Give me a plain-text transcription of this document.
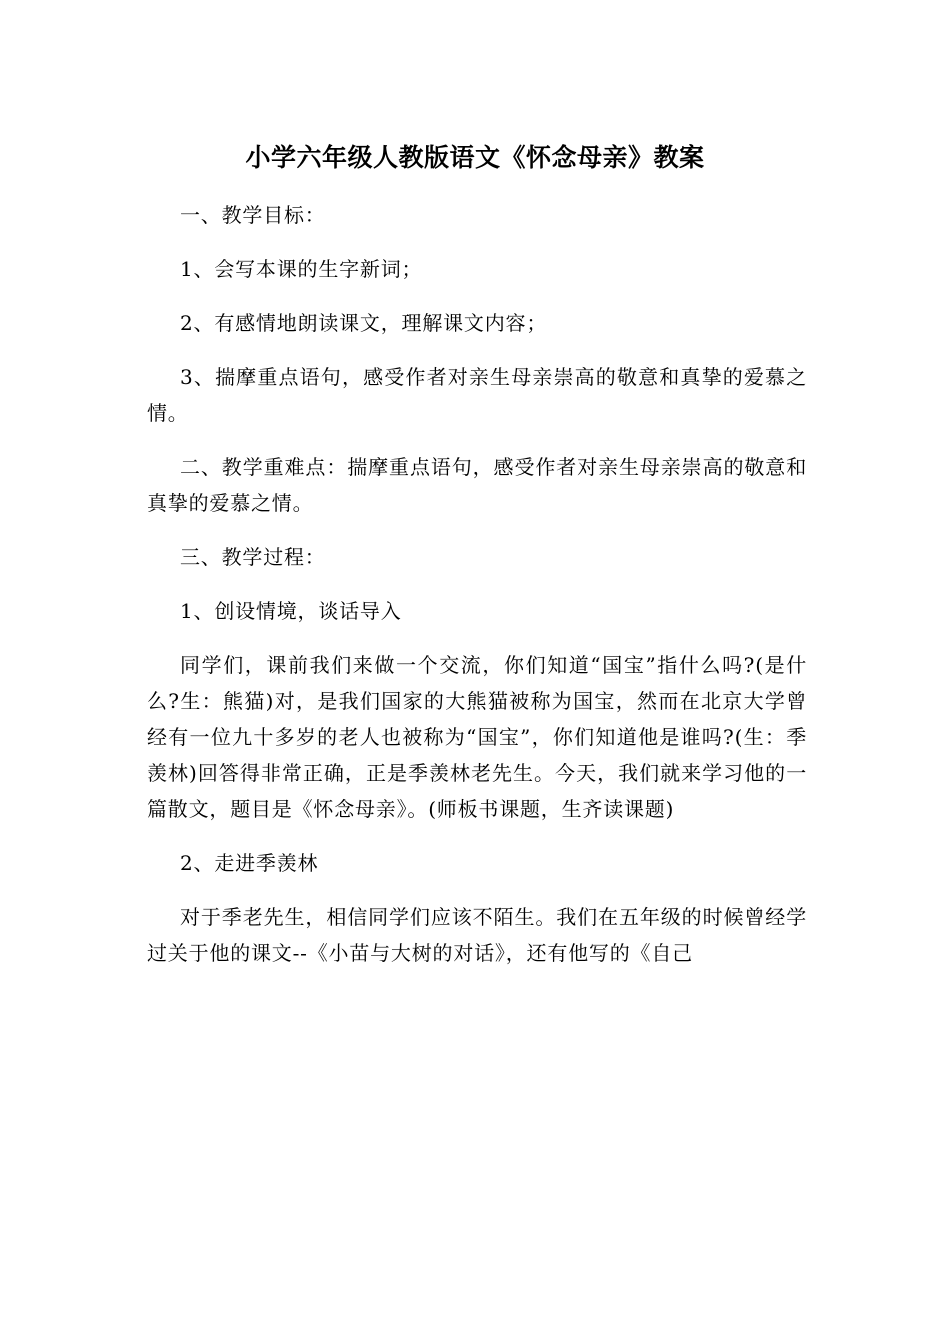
小学六年级人教版语文《怀念母亲》教案

一、教学目标：

1、会写本课的生字新词；

2、有感情地朗读课文，理解课文内容；

3、揣摩重点语句，感受作者对亲生母亲崇高的敬意和真挚的爱慕之情。

二、教学重难点：揣摩重点语句，感受作者对亲生母亲崇高的敬意和真挚的爱慕之情。

三、教学过程：

1、创设情境，谈话导入

同学们，课前我们来做一个交流，你们知道“国宝”指什么吗?(是什么?生：熊猫)对，是我们国家的大熊猫被称为国宝，然而在北京大学曾经有一位九十多岁的老人也被称为“国宝”，你们知道他是谁吗?(生：季羡林)回答得非常正确，正是季羡林老先生。今天，我们就来学习他的一篇散文，题目是《怀念母亲》。(师板书课题，生齐读课题)

2、走进季羡林

对于季老先生，相信同学们应该不陌生。我们在五年级的时候曾经学过关于他的课文--《小苗与大树的对话》，还有他写的《自己
